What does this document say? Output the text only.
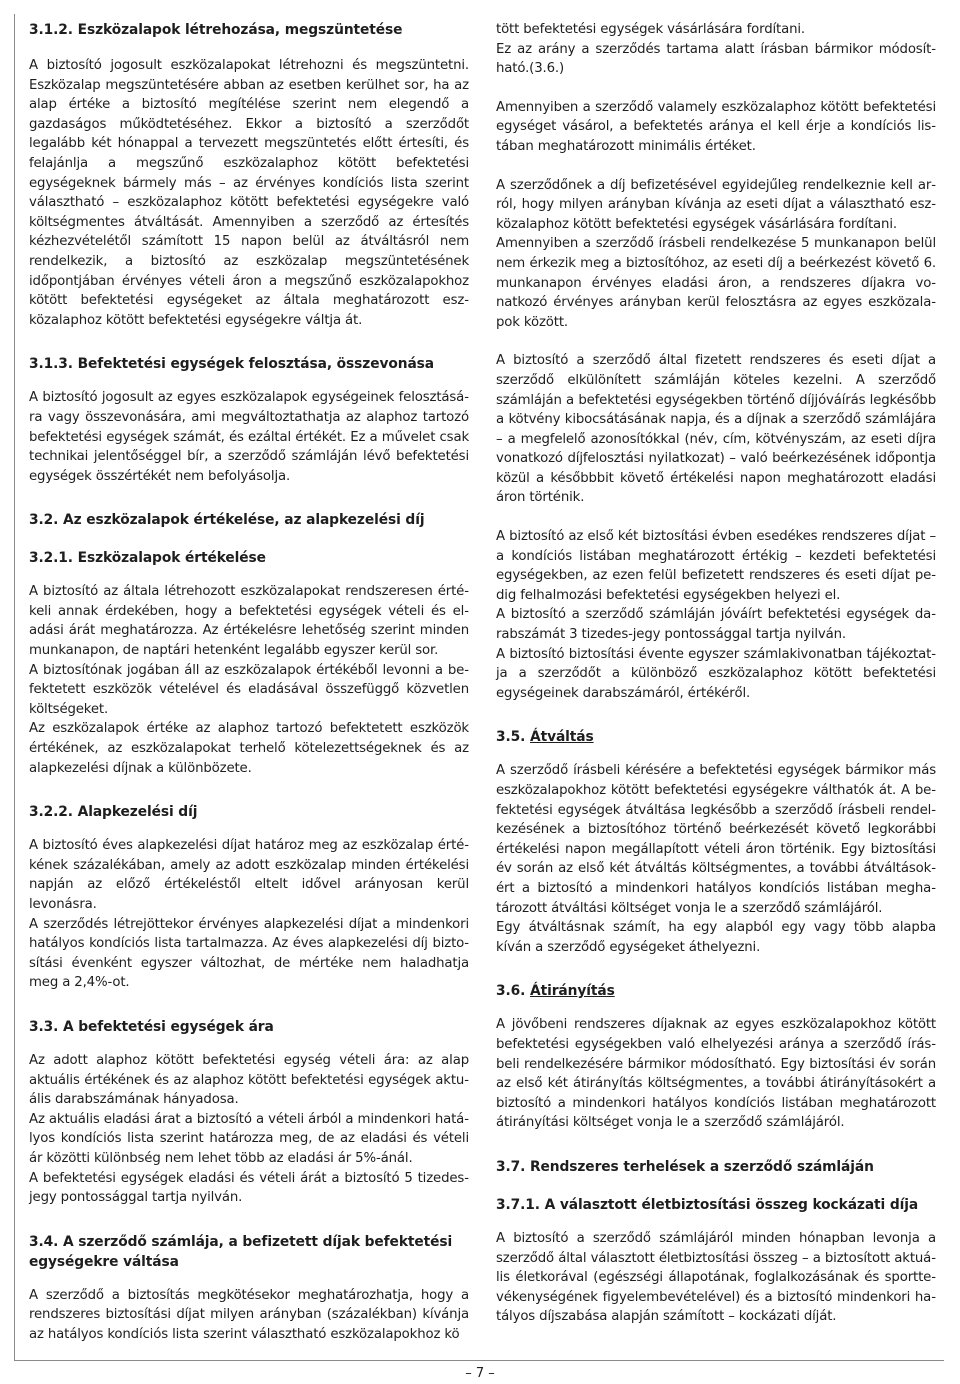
3.1.2. Eszközalapok létrehozása, megszüntetése

A biztosító jogosult eszközalapokat létrehozni és megszüntetni. Eszközalap megszüntetésére abban az esetben kerülhet sor, ha az alap értéke a biztosító megítélése szerint nem elegendő a gazdaságos működtetéséhez. Ekkor a biztosító a szerződőt legalább két hónappal a tervezett megszüntetés előtt értesíti, és felajánlja a megszűnő eszközalaphoz kötött befektetési egységeknek bármely más – az érvényes kondíciós lista szerint választható – eszközalaphoz kötött befektetési egységekre való költségmentes átváltását. Amennyiben a szerződő az értesítés kézhezvételétől számított 15 napon belül az átváltásról nem rendelkezik, a biztosító az eszközalap megszüntetésének időpontjában érvényes vételi áron a megszűnő eszközalapokhoz kötött befektetési egységeket az általa meghatározott eszközalaphoz kötött befektetési egységekre váltja át.

3.1.3. Befektetési egységek felosztása, összevonása

A biztosító jogosult az egyes eszközalapok egységeinek felosztására vagy összevonására, ami megváltoztathatja az alaphoz tartozó befektetési egységek számát, és ezáltal értékét. Ez a művelet csak technikai jelentőséggel bír, a szerződő számláján lévő befektetési egységek összértékét nem befolyásolja.

3.2. Az eszközalapok értékelése, az alapkezelési díj
3.2.1. Eszközalapok értékelése

A biztosító az általa létrehozott eszközalapokat rendszeresen értékeli annak érdekében, hogy a befektetési egységek vételi és eladási árát meghatározza. Az értékelésre lehetőség szerint minden munkanapon, de naptári hetenként legalább egyszer kerül sor.

A biztosítónak jogában áll az eszközalapok értékéből levonni a befektetett eszközök vételével és eladásával összefüggő közvetlen költségeket.

Az eszközalapok értéke az alaphoz tartozó befektetett eszközök értékének, az eszközalapokat terhelő kötelezettségeknek és az alapkezelési díjnak a különbözete.

3.2.2. Alapkezelési díj

A biztosító éves alapkezelési díjat határoz meg az eszközalap értékének százalékában, amely az adott eszközalap minden értékelési napján az előző értékeléstől eltelt idővel arányosan kerül levonásra.

A szerződés létrejöttekor érvényes alapkezelési díjat a mindenkori hatályos kondíciós lista tartalmazza. Az éves alapkezelési díj biztosítási évenként egyszer változhat, de mértéke nem haladhatja meg a 2,4%-ot.

3.3. A befektetési egységek ára

Az adott alaphoz kötött befektetési egység vételi ára: az alap aktuális értékének és az alaphoz kötött befektetési egységek aktuális darabszámának hányadosa.

Az aktuális eladási árat a biztosító a vételi árból a mindenkori hatályos kondíciós lista szerint határozza meg, de az eladási és vételi ár közötti különbség nem lehet több az eladási ár 5%-ánál.

A befektetési egységek eladási és vételi árát a biztosító 5 tizedesjegy pontossággal tartja nyilván.

3.4. A szerződő számlája, a befizetett díjak befektetési egységekre váltása

A szerződő a biztosítás megkötésekor meghatározhatja, hogy a rendszeres biztosítási díjat milyen arányban (százalékban) kívánja az hatályos kondíciós lista szerint választható eszközalapokhoz kö

tött befektetési egységek vásárlására fordítani.

Ez az arány a szerződés tartama alatt írásban bármikor módosítható.(3.6.)

Amennyiben a szerződő valamely eszközalaphoz kötött befektetési egységet vásárol, a befektetés aránya el kell érje a kondíciós listában meghatározott minimális értéket.

A szerződőnek a díj befizetésével egyidejűleg rendelkeznie kell arról, hogy milyen arányban kívánja az eseti díjat a választható eszközalaphoz kötött befektetési egységek vásárlására fordítani.

Amennyiben a szerződő írásbeli rendelkezése 5 munkanapon belül nem érkezik meg a biztosítóhoz, az eseti díj a beérkezést követő 6. munkanapon érvényes eladási áron, a rendszeres díjakra vonatkozó érvényes arányban kerül felosztásra az egyes eszközalapok között.

A biztosító a szerződő által fizetett rendszeres és eseti díjat a szerződő elkülönített számláján köteles kezelni. A szerződő számláján a befektetési egységekben történő díjjóváírás legkésőbb a kötvény kibocsátásának napja, és a díjnak a szerződő számlájára – a megfelelő azonosítókkal (név, cím, kötvényszám, az eseti díjra vonatkozó díjfelosztási nyilatkozat) – való beérkezésének időpontja közül a későbbbit követő értékelési napon meghatározott eladási áron történik.

A biztosító az első két biztosítási évben esedékes rendszeres díjat – a kondíciós listában meghatározott értékig – kezdeti befektetési egységekben, az ezen felül befizetett rendszeres és eseti díjat pedig felhalmozási befektetési egységekben helyezi el.

A biztosító a szerződő számláján jóváírt befektetési egységek darabszámát 3 tizedes-jegy pontossággal tartja nyilván.

A biztosító biztosítási évente egyszer számlakivonatban tájékoztatja a szerződőt a különböző eszközalaphoz kötött befektetési egységeinek darabszámáról, értékéről.

3.5. Átváltás

A szerződő írásbeli kérésére a befektetési egységek bármikor más eszközalapokhoz kötött befektetési egységekre válthatók át. A befektetési egységek átváltása legkésőbb a szerződő írásbeli rendelkezésének a biztosítóhoz történő beérkezését követő legkorábbi értékelési napon megállapított vételi áron történik. Egy biztosítási év során az első két átváltás költségmentes, a további átváltásokért a biztosító a mindenkori hatályos kondíciós listában meghatározott átváltási költséget vonja le a szerződő számlájáról.

Egy átváltásnak számít, ha egy alapból egy vagy több alapba kíván a szerződő egységeket áthelyezni.

3.6. Átirányítás

A jövőbeni rendszeres díjaknak az egyes eszközalapokhoz kötött befektetési egységekben való elhelyezési aránya a szerződő írásbeli rendelkezésére bármikor módosítható. Egy biztosítási év során az első két átirányítás költségmentes, a további átirányításokért a biztosító a mindenkori hatályos kondíciós listában meghatározott átirányítási költséget vonja le a szerződő számlájáról.

3.7. Rendszeres terhelések a szerződő számláján
3.7.1. A választott életbiztosítási összeg kockázati díja

A biztosító a szerződő számlájáról minden hónapban levonja a szerződő által választott életbiztosítási összeg – a biztosított aktuális életkorával (egészségi állapotának, foglalkozásának és sporttevékenységének figyelembevételével) és a biztosító mindenkori hatályos díjszabása alapján számított – kockázati díját.

– 7 –
